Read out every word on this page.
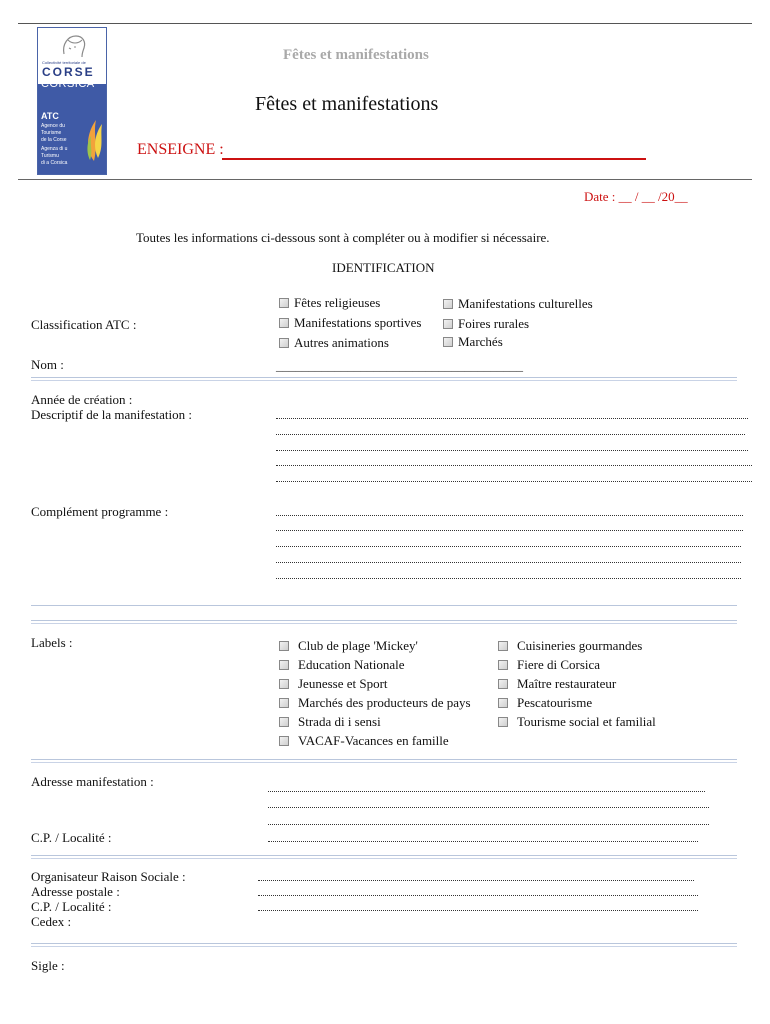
Collectivité territoriale de
CORSE
CORSICA
ATC
Agence du
Tourisme
de la Corse
Agenza di u
Turismu
di a Corsica
Fêtes et manifestations
Fêtes et manifestations
ENSEIGNE :
Date : __ / __ /20__
Toutes les informations ci-dessous sont à compléter ou à modifier si nécessaire.
IDENTIFICATION
Classification ATC :
Fêtes religieuses
Manifestations sportives
Autres animations
Manifestations culturelles
Foires rurales
Marchés
Nom :	______________________________________
Année de création :
Descriptif de la manifestation :
Complément programme :
Labels :	Club de plage 'Mickey'
Education Nationale
Jeunesse et Sport
Marchés des producteurs de pays
Strada di i sensi
VACAF-Vacances en famille
Cuisineries gourmandes
Fiere di Corsica
Maître restaurateur
Pescatourisme
Tourisme social et familial
Adresse manifestation :
C.P. / Localité :
Organisateur Raison Sociale :
Adresse postale :
C.P. / Localité :
Cedex :
Sigle :
